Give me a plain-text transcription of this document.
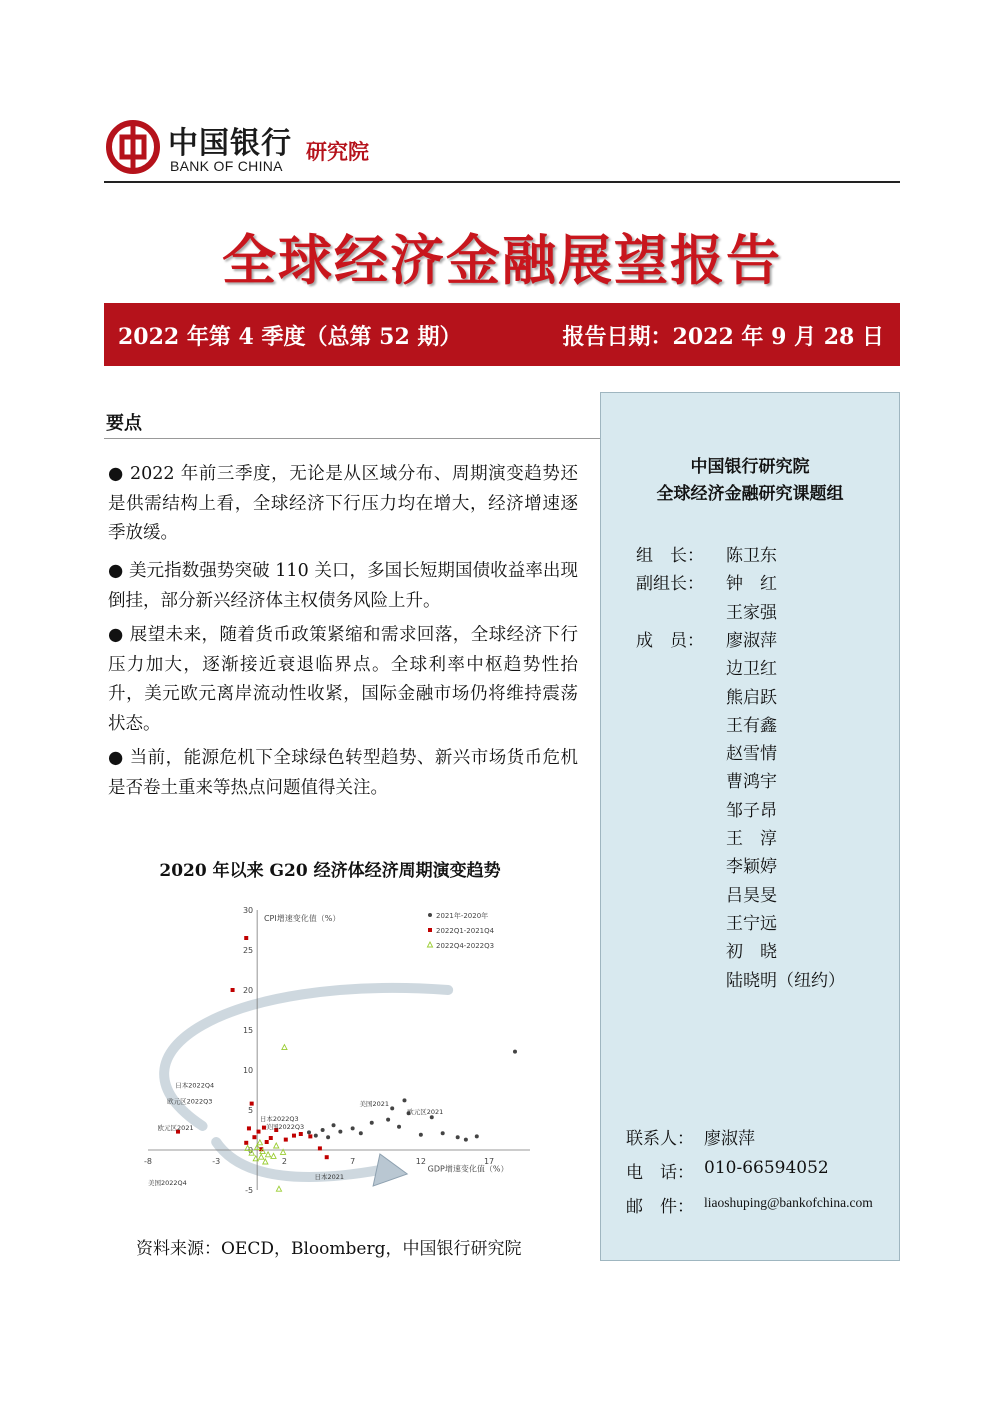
中国银行
BANK OF CHINA
研究院
全球经济金融展望报告
2022 年第 4 季度（总第 52 期）	报告日期：2022 年 9 月 28 日
要点
● 2022 年前三季度，无论是从区域分布、周期演变趋势还是供需结构上看，全球经济下行压力均在增大，经济增速逐季放缓。
● 美元指数强势突破 110 关口，多国长短期国债收益率出现倒挂，部分新兴经济体主权债务风险上升。
● 展望未来，随着货币政策紧缩和需求回落，全球经济下行压力加大，逐渐接近衰退临界点。全球利率中枢趋势性抬升，美元欧元离岸流动性收紧，国际金融市场仍将维持震荡状态。
● 当前，能源危机下全球绿色转型趋势、新兴市场货币危机是否卷土重来等热点问题值得关注。
2020 年以来 G20 经济体经济周期演变趋势
-8	-3	2	7	12	17
-5
0
5
10
15
20
25
30
CPI增速变化值（%）
GDP增速变化值（%）
2021年-2020年
2022Q1-2021Q4
2022Q4-2022Q3
日本2022Q4
欧元区2022Q3
欧元区2021
日本2022Q3
美国2022Q3
美国2021
欧元区2021
美国2022Q4
日本2021
资料来源：OECD，Bloomberg，中国银行研究院
中国银行研究院
全球经济金融研究课题组
组　长： 陈卫东
副组长： 钟　红
王家强
成　员： 廖淑萍
边卫红
熊启跃
王有鑫
赵雪情
曹鸿宇
邹子昂
王　淳
李颖婷
吕昊旻
王宁远
初　晓
陆晓明（纽约）
联系人： 廖淑萍
电　话： 010-66594052
邮　件： liaoshuping@bankofchina.com
